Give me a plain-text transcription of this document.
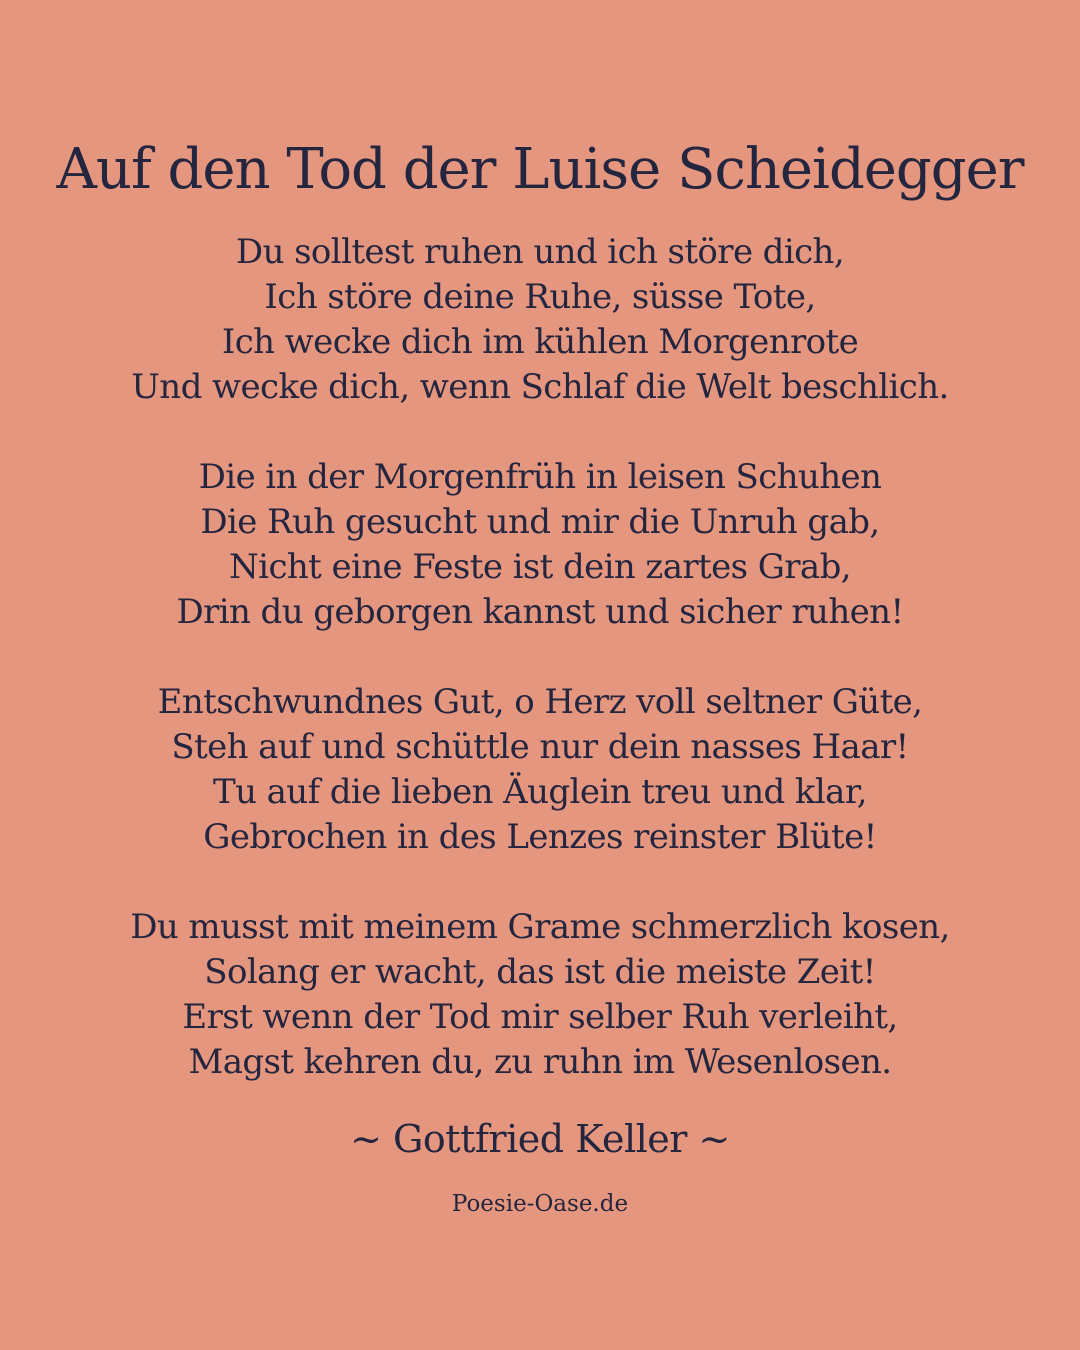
Auf den Tod der Luise Scheidegger
Du solltest ruhen und ich störe dich,
Ich störe deine Ruhe, süsse Tote,
Ich wecke dich im kühlen Morgenrote
Und wecke dich, wenn Schlaf die Welt beschlich.
Die in der Morgenfrüh in leisen Schuhen
Die Ruh gesucht und mir die Unruh gab,
Nicht eine Feste ist dein zartes Grab,
Drin du geborgen kannst und sicher ruhen!
Entschwundnes Gut, o Herz voll seltner Güte,
Steh auf und schüttle nur dein nasses Haar!
Tu auf die lieben Äuglein treu und klar,
Gebrochen in des Lenzes reinster Blüte!
Du musst mit meinem Grame schmerzlich kosen,
Solang er wacht, das ist die meiste Zeit!
Erst wenn der Tod mir selber Ruh verleiht,
Magst kehren du, zu ruhn im Wesenlosen.
~ Gottfried Keller ~
Poesie-Oase.de
